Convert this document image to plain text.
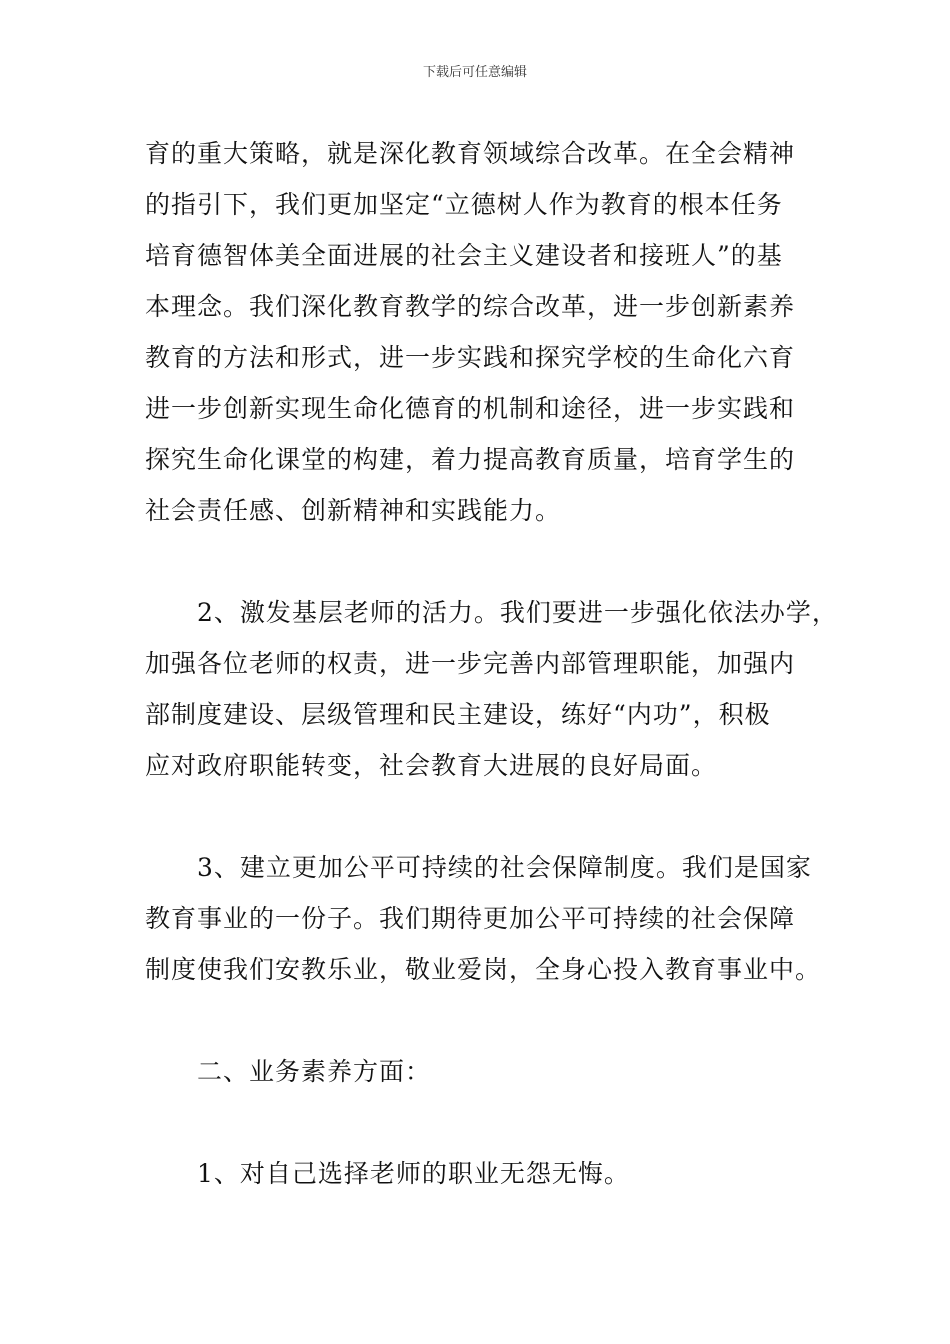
下载后可任意编辑
育的重大策略，就是深化教育领域综合改革。在全会精神
的指引下，我们更加坚定“立德树人作为教育的根本任务
培育德智体美全面进展的社会主义建设者和接班人”的基
本理念。我们深化教育教学的综合改革，进一步创新素养
教育的方法和形式，进一步实践和探究学校的生命化六育
进一步创新实现生命化德育的机制和途径，进一步实践和
探究生命化课堂的构建，着力提高教育质量，培育学生的
社会责任感、创新精神和实践能力。
2、激发基层老师的活力。我们要进一步强化依法办学，
加强各位老师的权责，进一步完善内部管理职能，加强内
部制度建设、层级管理和民主建设，练好“内功”，积极
应对政府职能转变，社会教育大进展的良好局面。
3、建立更加公平可持续的社会保障制度。我们是国家
教育事业的一份子。我们期待更加公平可持续的社会保障
制度使我们安教乐业，敬业爱岗，全身心投入教育事业中。
二、业务素养方面：
1、对自己选择老师的职业无怨无悔。
